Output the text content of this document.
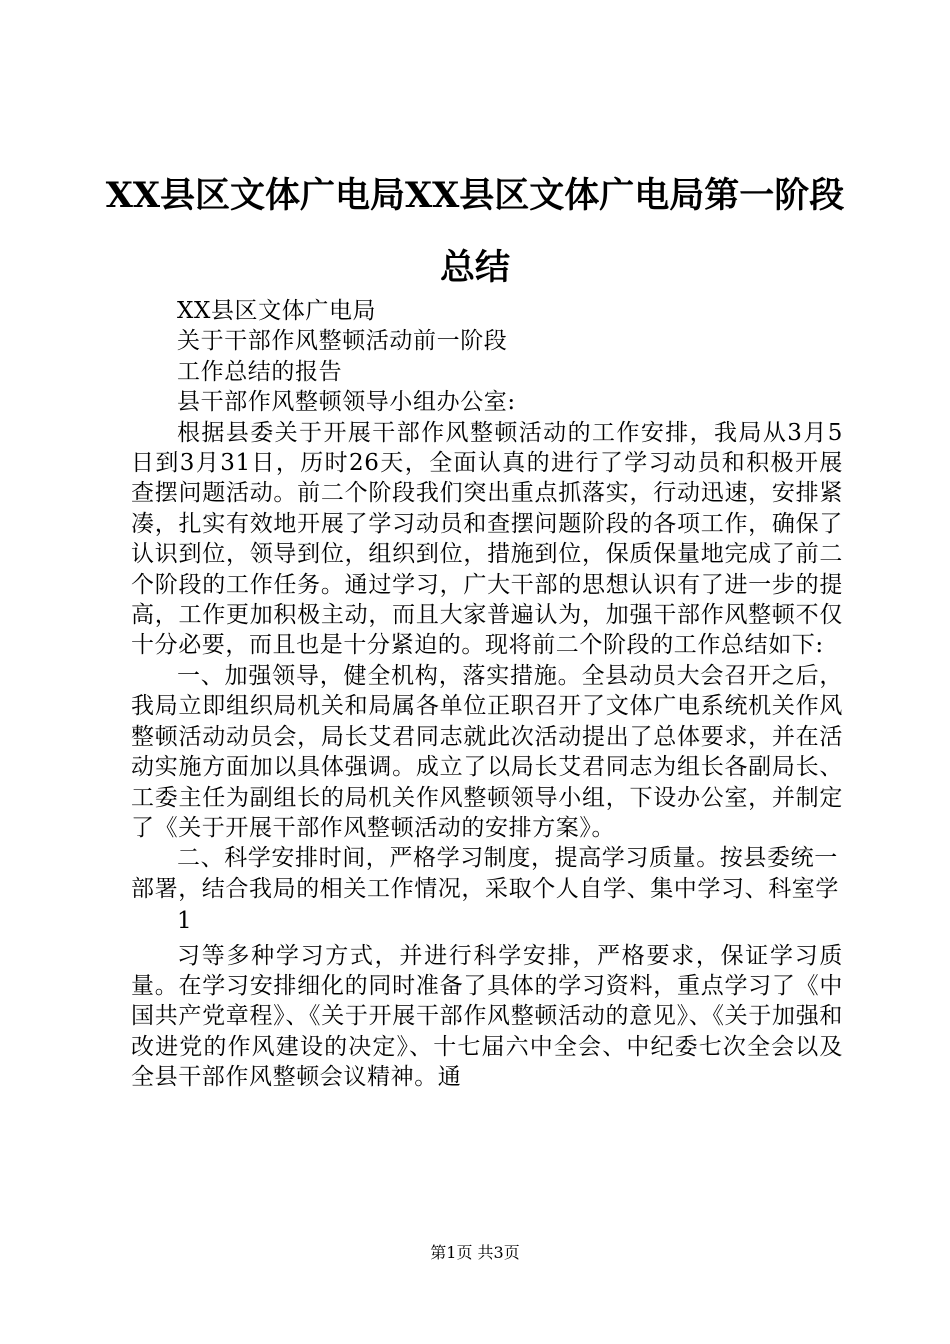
XX县区文体广电局XX县区文体广电局第一阶段总结

XX县区文体广电局

关于干部作风整顿活动前一阶段

工作总结的报告

县干部作风整顿领导小组办公室:

根据县委关于开展干部作风整顿活动的工作安排，我局从3月5日到3月31日，历时26天，全面认真的进行了学习动员和积极开展查摆问题活动。前二个阶段我们突出重点抓落实，行动迅速，安排紧凑，扎实有效地开展了学习动员和查摆问题阶段的各项工作，确保了认识到位，领导到位，组织到位，措施到位，保质保量地完成了前二个阶段的工作任务。通过学习，广大干部的思想认识有了进一步的提高，工作更加积极主动，而且大家普遍认为，加强干部作风整顿不仅十分必要，而且也是十分紧迫的。现将前二个阶段的工作总结如下:

一、加强领导，健全机构，落实措施。全县动员大会召开之后，我局立即组织局机关和局属各单位正职召开了文体广电系统机关作风整顿活动动员会，局长艾君同志就此次活动提出了总体要求，并在活动实施方面加以具体强调。成立了以局长艾君同志为组长各副局长、工委主任为副组长的局机关作风整顿领导小组，下设办公室，并制定了《关于开展干部作风整顿活动的安排方案》。

二、科学安排时间，严格学习制度，提高学习质量。按县委统一部署，结合我局的相关工作情况，采取个人自学、集中学习、科室学

1

习等多种学习方式，并进行科学安排，严格要求，保证学习质量。在学习安排细化的同时准备了具体的学习资料，重点学习了《中国共产党章程》、《关于开展干部作风整顿活动的意见》、《关于加强和改进党的作风建设的决定》、十七届六中全会、中纪委七次全会以及全县干部作风整顿会议精神。通

第1页 共3页
